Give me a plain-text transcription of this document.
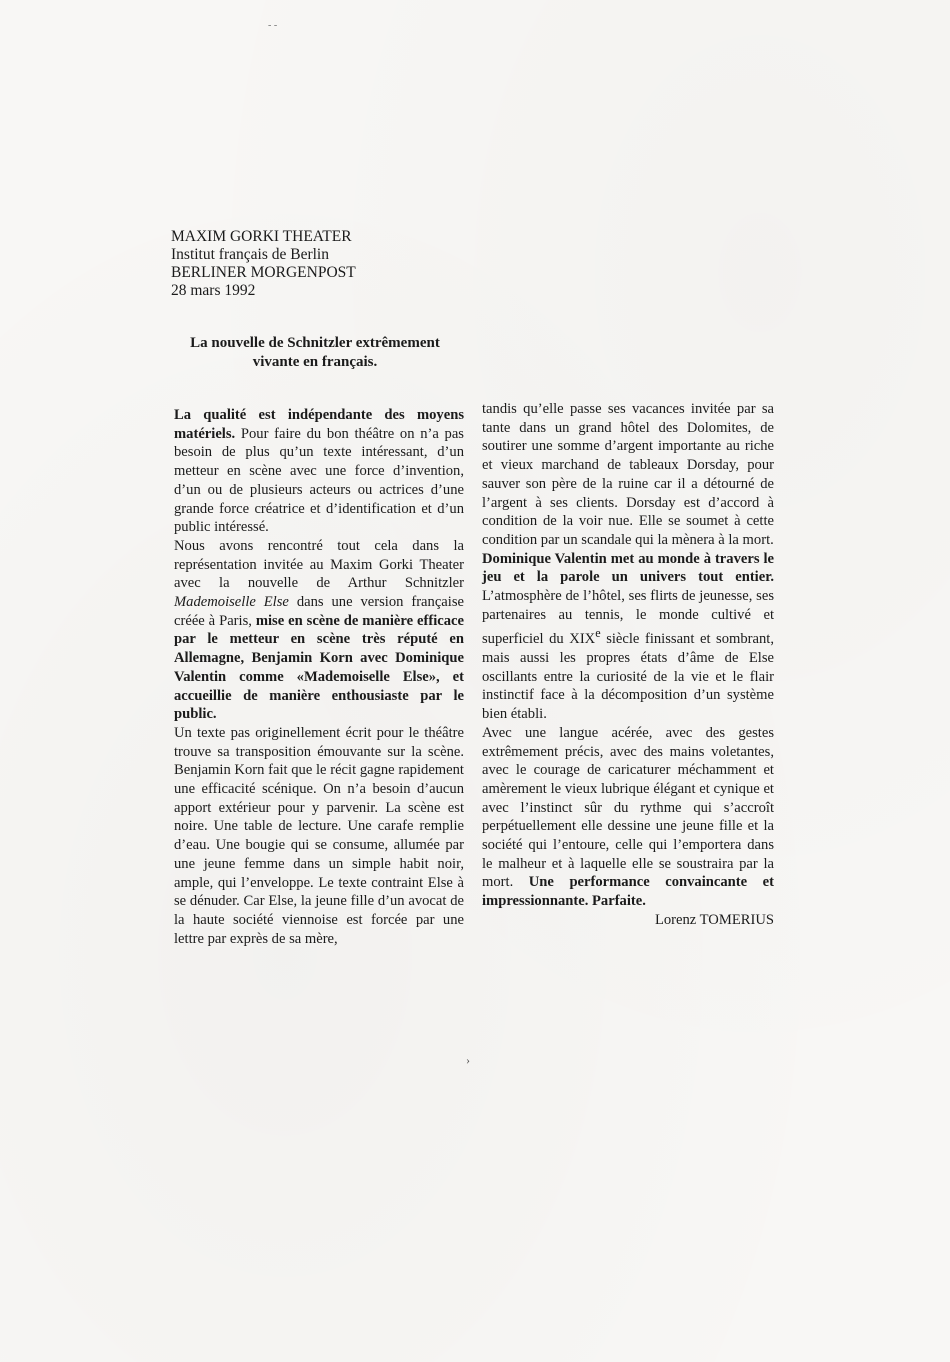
- -
MAXIM GORKI THEATER
Institut français de Berlin
BERLINER MORGENPOST
28 mars 1992
La nouvelle de Schnitzler extrêmement
vivante en français.

La qualité est indépendante des moyens matériels. Pour faire du bon théâtre on n’a pas besoin de plus qu’un texte intéressant, d’un metteur en scène avec une force d’invention, d’un ou de plusieurs acteurs ou actrices d’une grande force créatrice et d’identification et d’un public intéressé.

Nous avons rencontré tout cela dans la représentation invitée au Maxim Gorki Theater avec la nouvelle de Arthur Schnitzler Mademoiselle Else dans une version française créée à Paris, mise en scène de manière efficace par le metteur en scène très réputé en Allemagne, Benjamin Korn avec Dominique Valentin comme «Mademoiselle Else», et accueillie de manière enthousiaste par le public.

Un texte pas originellement écrit pour le théâtre trouve sa transposition émouvante sur la scène. Benjamin Korn fait que le récit gagne rapidement une efficacité scénique. On n’a besoin d’aucun apport extérieur pour y parvenir. La scène est noire. Une table de lecture. Une carafe remplie d’eau. Une bougie qui se consume, allumée par une jeune femme dans un simple habit noir, ample, qui l’enveloppe. Le texte contraint Else à se dénuder. Car Else, la jeune fille d’un avocat de la haute société viennoise est forcée par une lettre par exprès de sa mère,

tandis qu’elle passe ses vacances invitée par sa tante dans un grand hôtel des Dolomites, de soutirer une somme d’argent importante au riche et vieux marchand de tableaux Dorsday, pour sauver son père de la ruine car il a détourné de l’argent à ses clients. Dorsday est d’accord à condition de la voir nue. Elle se soumet à cette condition par un scandale qui la mènera à la mort.

Dominique Valentin met au monde à travers le jeu et la parole un univers tout entier. L’atmosphère de l’hôtel, ses flirts de jeunesse, ses partenaires au tennis, le monde cultivé et superficiel du XIXe siècle finissant et sombrant, mais aussi les propres états d’âme de Else oscillants entre la curiosité de la vie et le flair instinctif face à la décomposition d’un système bien établi.

Avec une langue acérée, avec des gestes extrêmement précis, avec des mains voletantes, avec le courage de caricaturer méchamment et amèrement le vieux lubrique élégant et cynique et avec l’instinct sûr du rythme qui s’accroît perpétuellement elle dessine une jeune fille et la société qui l’entoure, celle qui l’emportera dans le malheur et à laquelle elle se soustraira par la mort. Une performance convaincante et impressionnante. Parfaite.

Lorenz TOMERIUS

›
